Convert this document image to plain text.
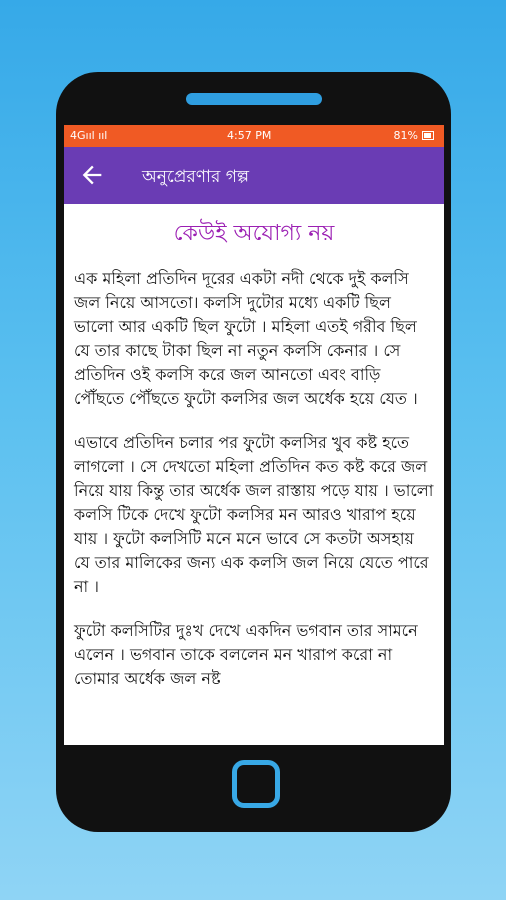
4Gııl ııl	4:57 PM	81%
অনুপ্রেরণার গল্প
কেউই অযোগ্য নয়

এক মহিলা প্রতিদিন দূরের একটা নদী থেকে দুই কলসি জল নিয়ে আসতো। কলসি দুটোর মধ্যে একটি ছিল ভালো আর একটি ছিল ফুটো । মহিলা এতই গরীব ছিল যে তার কাছে টাকা ছিল না নতুন কলসি কেনার । সে প্রতিদিন ওই কলসি করে জল আনতো এবং বাড়ি পৌঁছতে পৌঁছতে ফুটো কলসির জল অর্ধেক হয়ে যেত ।

এভাবে প্রতিদিন চলার পর ফুটো কলসির খুব কষ্ট হতে লাগলো । সে দেখতো মহিলা প্রতিদিন কত কষ্ট করে জল নিয়ে যায় কিন্তু তার অর্ধেক জল রাস্তায় পড়ে যায় । ভালো কলসি টিকে দেখে ফুটো কলসির মন আরও খারাপ হয়ে যায় । ফুটো কলসিটি মনে মনে ভাবে সে কতটা অসহায় যে তার মালিকের জন্য এক কলসি জল নিয়ে যেতে পারে না ।

ফুটো কলসিটির দুঃখ দেখে একদিন ভগবান তার সামনে এলেন । ভগবান তাকে বললেন মন খারাপ করো না তোমার অর্ধেক জল নষ্ট
